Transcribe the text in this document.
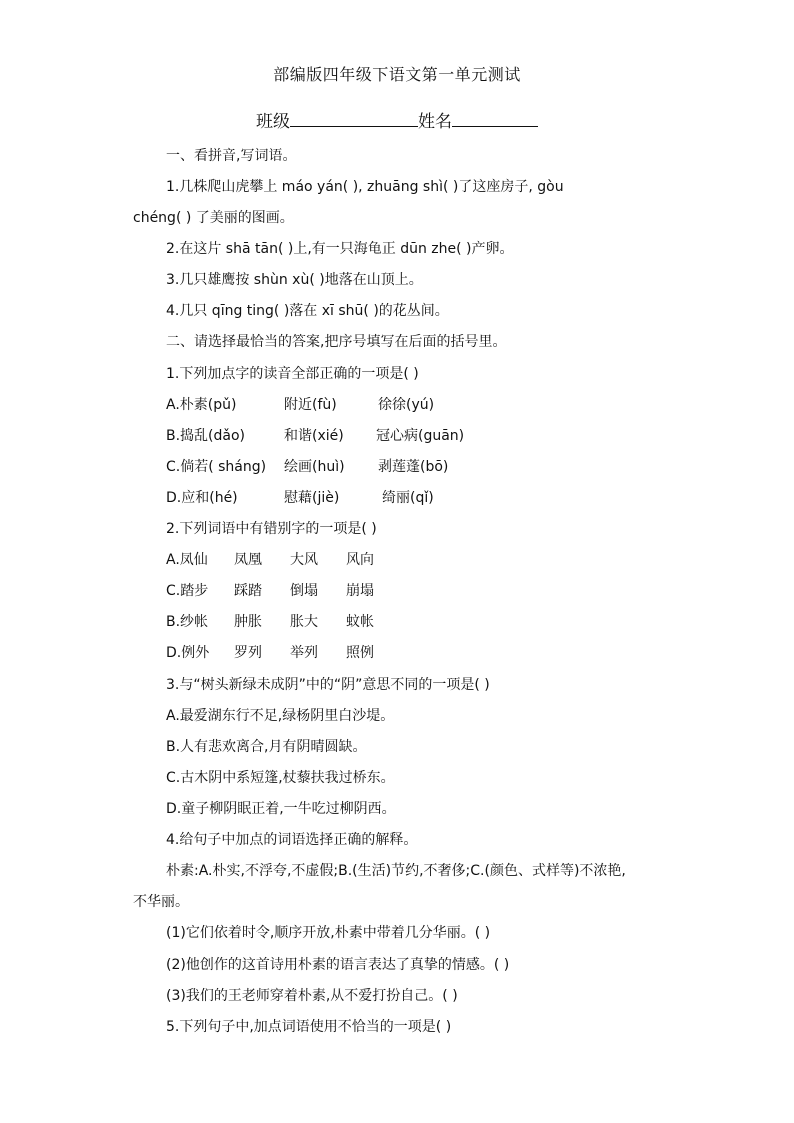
部编版四年级下语文第一单元测试
班级	姓名
一、看拼音,写词语。
1.几株爬山虎攀上 máo yán( ), zhuāng shì( )了这座房子, gòu
chéng( ) 了美丽的图画。
2.在这片 shā tān( )上,有一只海龟正 dūn zhe( )产卵。
3.几只雄鹰按 shùn xù( )地落在山顶上。
4.几只 qīng ting( )落在 xī shū( )的花丛间。
二、请选择最恰当的答案,把序号填写在后面的括号里。
1.下列加点字的读音全部正确的一项是( )
A.朴素(pǔ)	附近(fù)	徐徐(yú)
B.捣乱(dǎo)	和谐(xié) 冠心病(guān)
C.倘若( sháng) 绘画(huì) 剥莲蓬(bō)
D.应和(hé)	慰藉(jiè)	绮丽(qǐ)
2.下列词语中有错别字的一项是( )
A.凤仙 凤凰 大风 风向
C.踏步 踩踏 倒塌 崩塌
B.纱帐 肿胀 胀大 蚊帐
D.例外 罗列 举列 照例
3.与“树头新绿未成阴”中的“阴”意思不同的一项是( )
A.最爱湖东行不足,绿杨阴里白沙堤。
B.人有悲欢离合,月有阴晴圆缺。
C.古木阴中系短篷,杖藜扶我过桥东。
D.童子柳阴眠正着,一牛吃过柳阴西。
4.给句子中加点的词语选择正确的解释。
朴素:A.朴实,不浮夸,不虚假;B.(生活)节约,不奢侈;C.(颜色、式样等)不浓艳,
不华丽。
(1)它们依着时令,顺序开放,朴素中带着几分华丽。( )
(2)他创作的这首诗用朴素的语言表达了真挚的情感。( )
(3)我们的王老师穿着朴素,从不爱打扮自己。( )
5.下列句子中,加点词语使用不恰当的一项是( )
